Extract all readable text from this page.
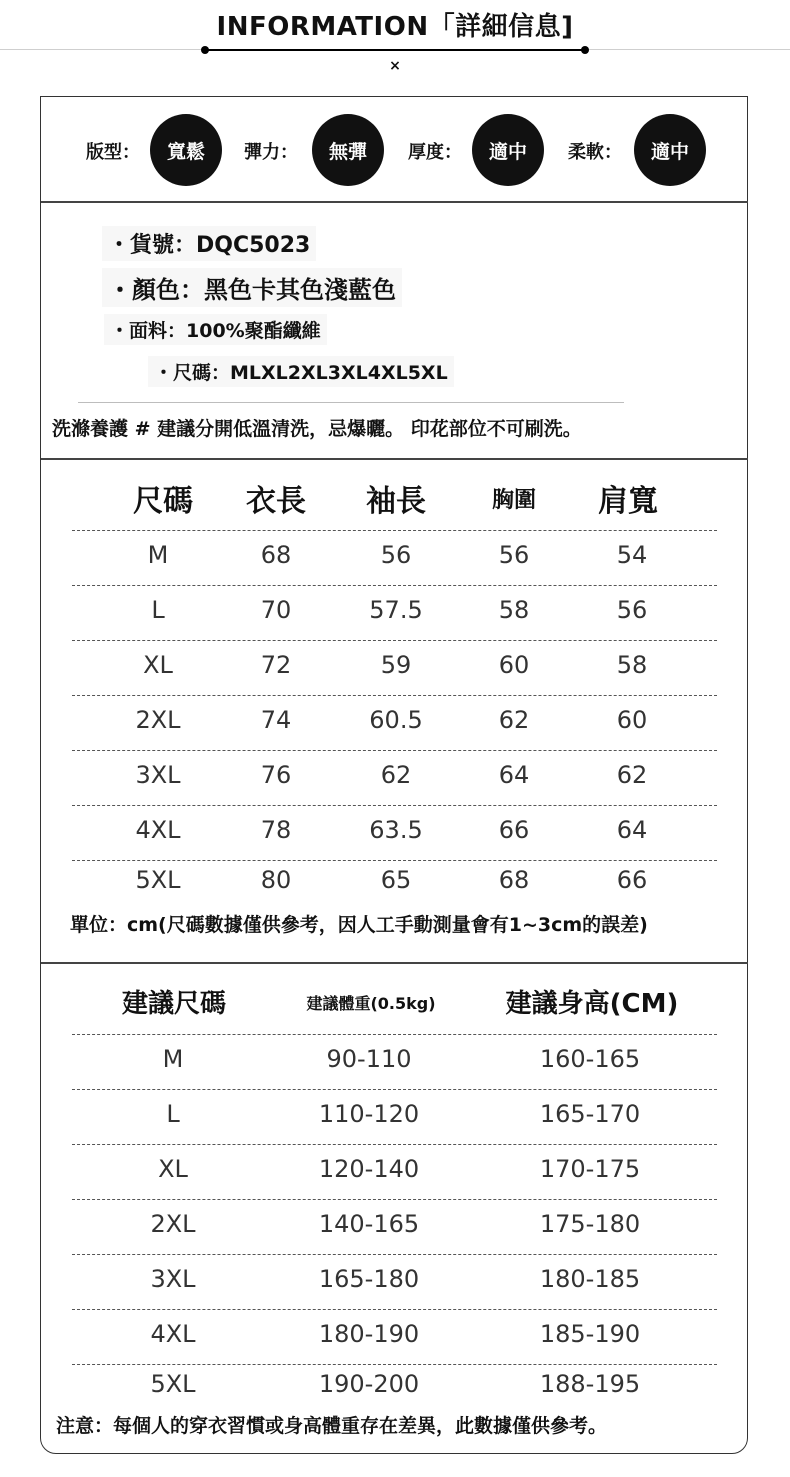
INFORMATION「詳細信息]
×
版型：	寬鬆	彈力：	無彈	厚度：	適中	柔軟：	適中
・貨號：DQC5023
・顏色：黑色卡其色淺藍色
・面料：100%聚酯纖維
・尺碼：MLXL2XL3XL4XL5XL
洗滌養護 # 建議分開低溫清洗，忌爆曬。 印花部位不可刷洗。
尺碼 衣長 袖長	胸圍 肩寬
M	68	56	56	54
L	70	57.5	58	56
XL	72	59	60	58
2XL	74	60.5	62	60
3XL	76	62	64	62
4XL	78	63.5	66	64
5XL	80	65	68	66
單位：cm(尺碼數據僅供參考，因人工手動測量會有1~3cm的誤差)
建議尺碼	建議體重(0.5kg)	建議身高(CM)
M	90-110	160-165
L	110-120	165-170
XL	120-140	170-175
2XL	140-165	175-180
3XL	165-180	180-185
4XL	180-190	185-190
5XL	190-200	188-195
注意：每個人的穿衣習慣或身高體重存在差異，此數據僅供參考。
